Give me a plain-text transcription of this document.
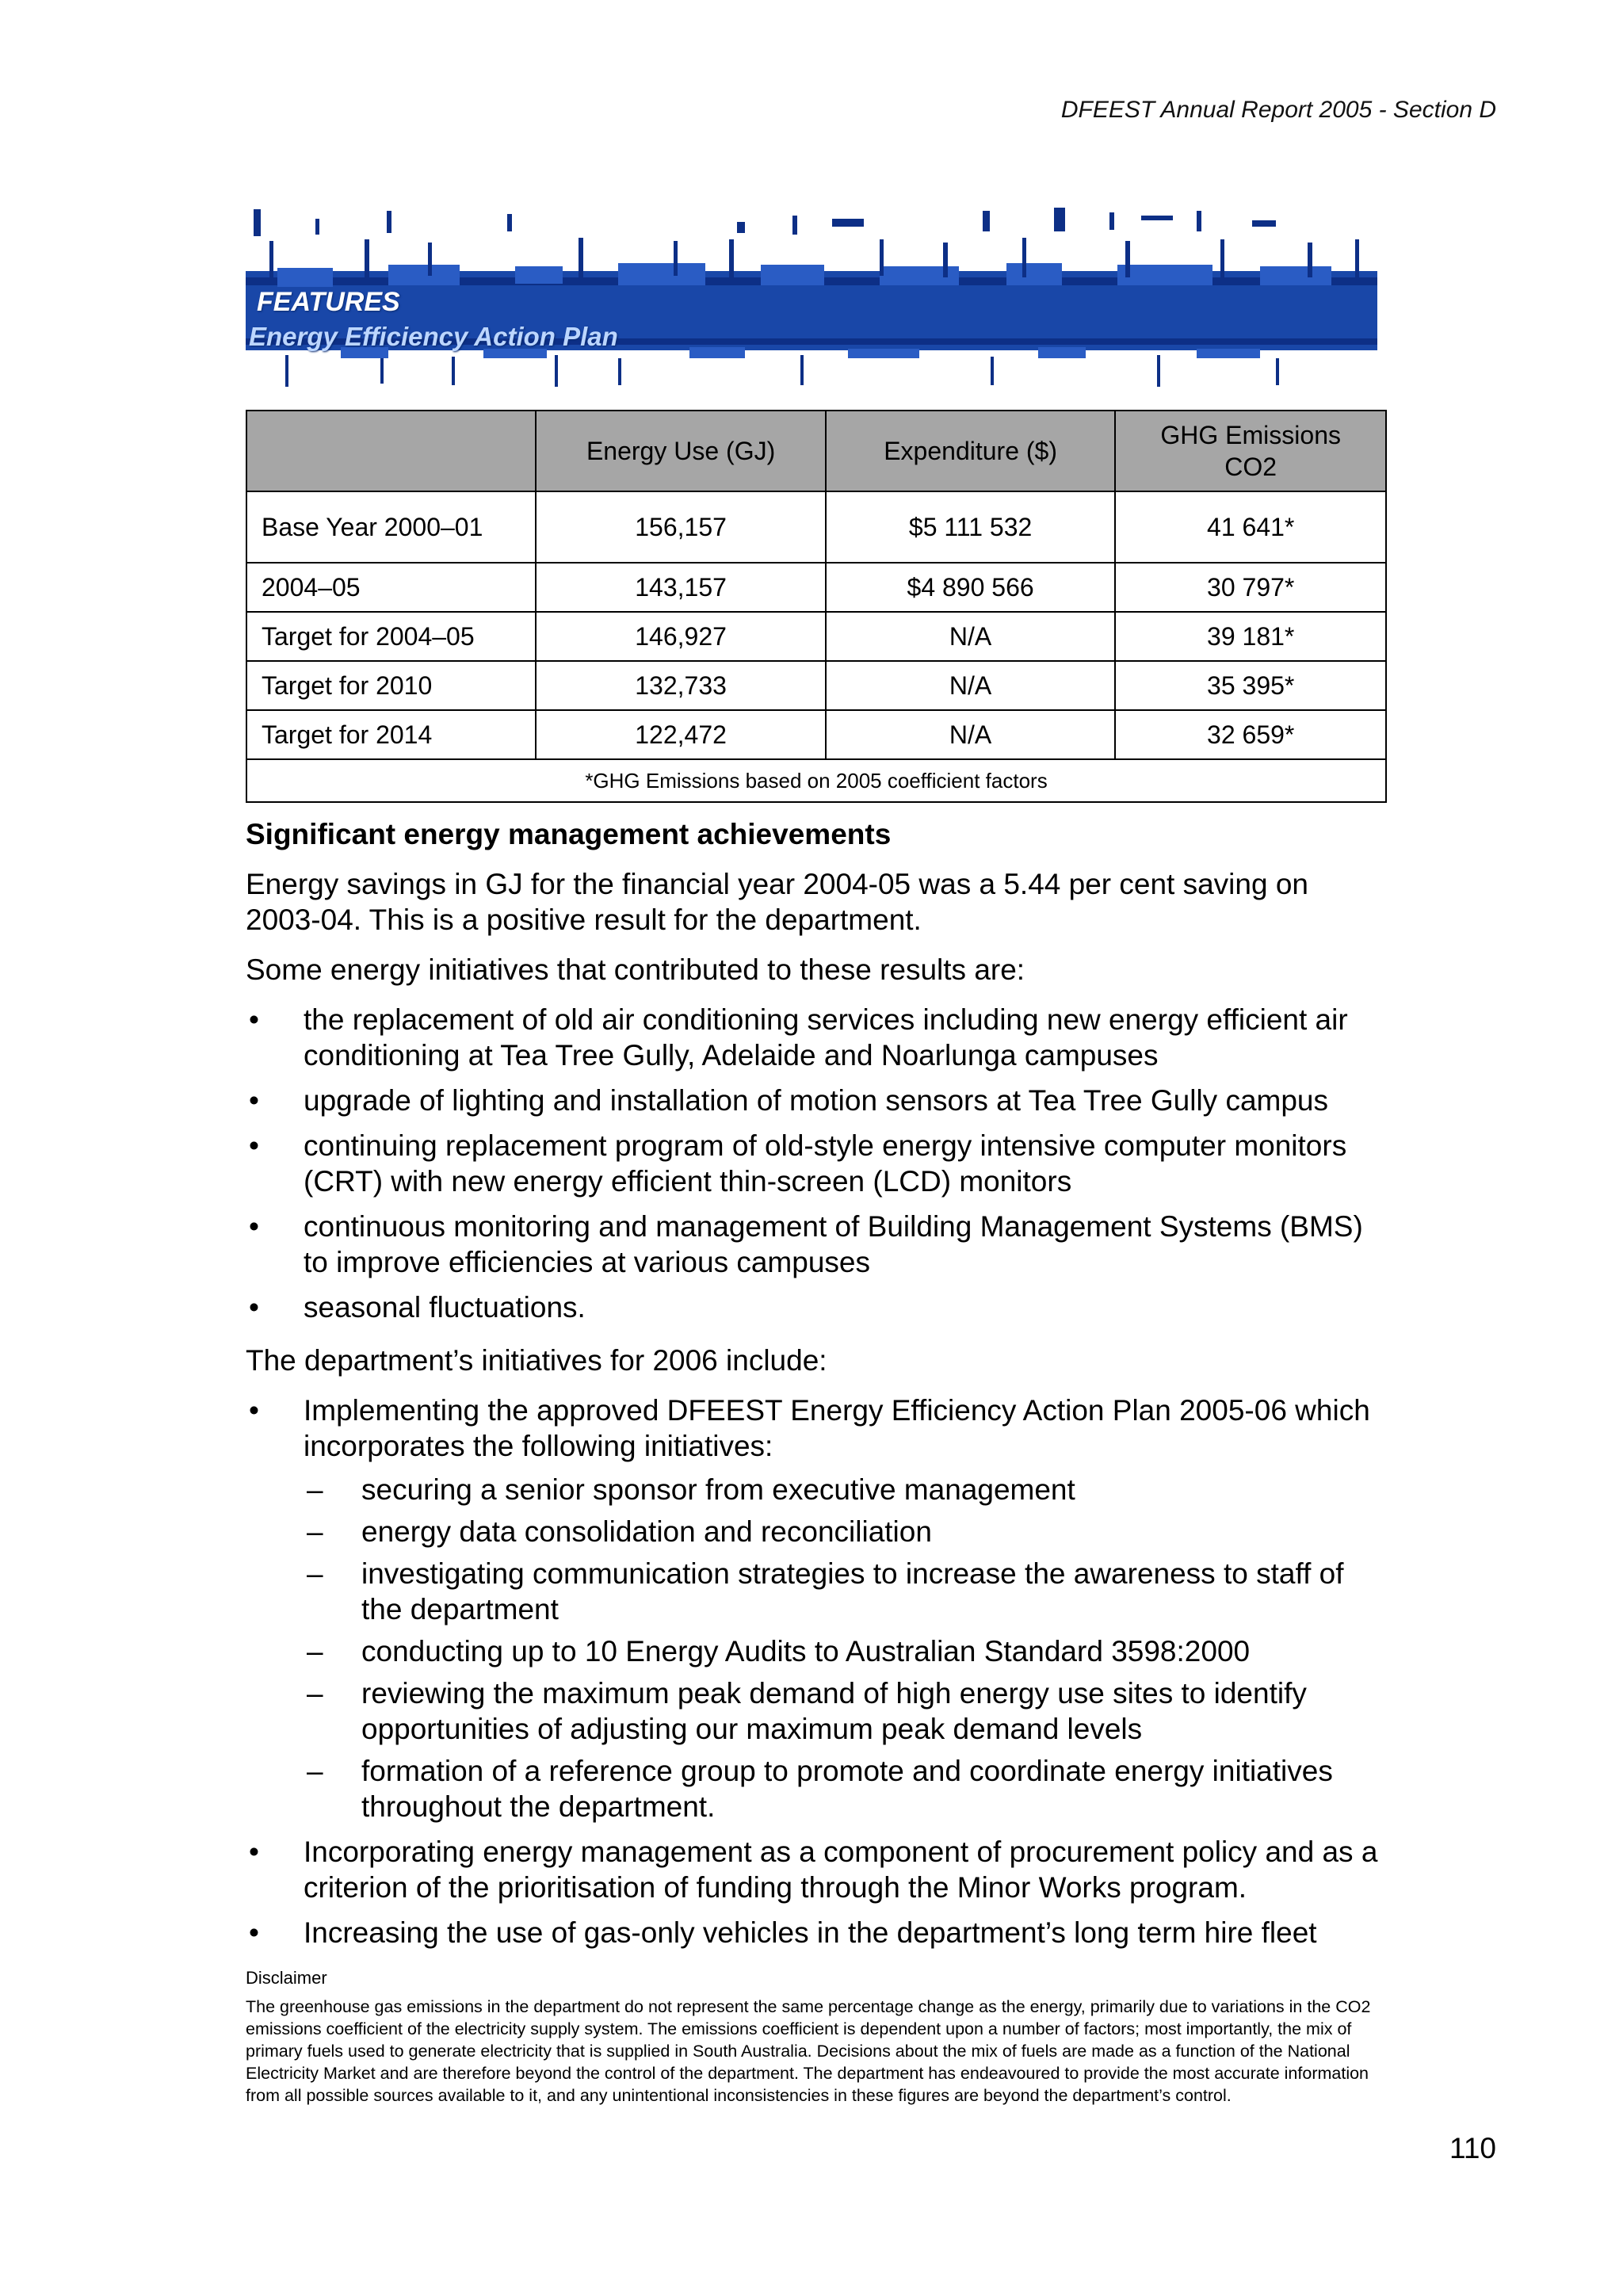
DFEEST Annual Report 2005 - Section D
FEATURES
Energy Efficiency Action Plan
	Energy Use (GJ)	Expenditure ($)	GHG Emissions
CO2
Base Year 2000–01	156,157	$5 111 532	41 641*
2004–05	143,157	$4 890 566	30 797*
Target for 2004–05	146,927	N/A	39 181*
Target for 2010	132,733	N/A	35 395*
Target for 2014	122,472	N/A	32 659*
*GHG Emissions based on 2005 coefficient factors			
Significant energy management achievements

Energy savings in GJ for the financial year 2004-05 was a 5.44 per cent saving on 2003-04. This is a positive result for the department.

Some energy initiatives that contributed to these results are:

• the replacement of old air conditioning services including new energy efficient air conditioning at Tea Tree Gully, Adelaide and Noarlunga campuses
• upgrade of lighting and installation of motion sensors at Tea Tree Gully campus
• continuing replacement program of old-style energy intensive computer monitors (CRT) with new energy efficient thin-screen (LCD) monitors
• continuous monitoring and management of Building Management Systems (BMS) to improve efficiencies at various campuses
• seasonal fluctuations.

The department’s initiatives for 2006 include:

• Implementing the approved DFEEST Energy Efficiency Action Plan 2005-06 which incorporates the following initiatives:
– securing a senior sponsor from executive management
– energy data consolidation and reconciliation
– investigating communication strategies to increase the awareness to staff of the department
– conducting up to 10 Energy Audits to Australian Standard 3598:2000
– reviewing the maximum peak demand of high energy use sites to identify opportunities of adjusting our maximum peak demand levels
– formation of a reference group to promote and coordinate energy initiatives throughout the department.
• Incorporating energy management as a component of procurement policy and as a criterion of the prioritisation of funding through the Minor Works program.
• Increasing the use of gas-only vehicles in the department’s long term hire fleet
Disclaimer
The greenhouse gas emissions in the department do not represent the same percentage change as the energy, primarily due to variations in the CO2 emissions coefficient of the electricity supply system. The emissions coefficient is dependent upon a number of factors; most importantly, the mix of primary fuels used to generate electricity that is supplied in South Australia. Decisions about the mix of fuels are made as a function of the National Electricity Market and are therefore beyond the control of the department. The department has endeavoured to provide the most accurate information from all possible sources available to it, and any unintentional inconsistencies in these figures are beyond the department’s control.
110
